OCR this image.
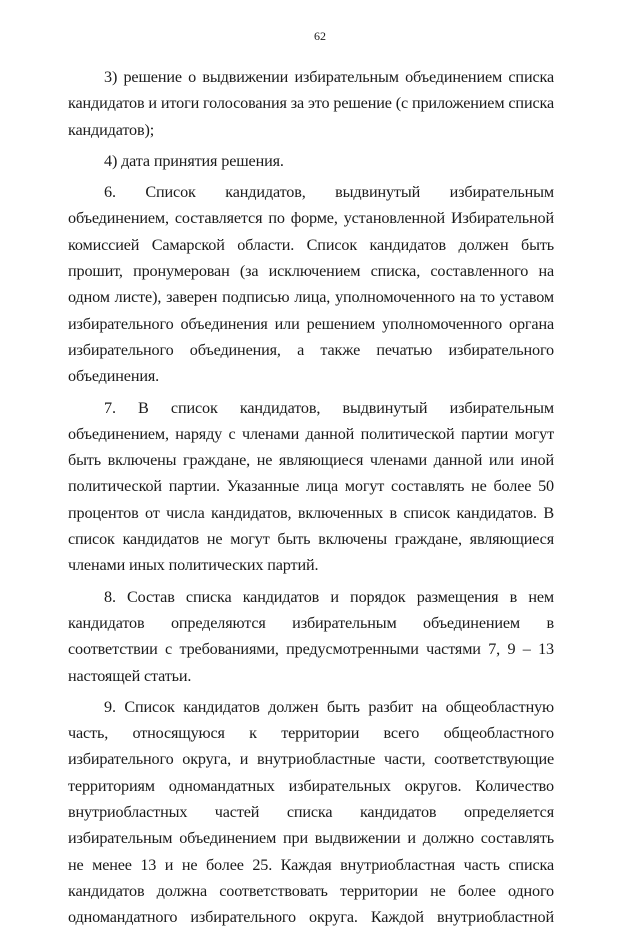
62

3) решение о выдвижении избирательным объединением списка кандидатов и итоги голосования за это решение (с приложением списка кандидатов);

4) дата принятия решения.

6. Список кандидатов, выдвинутый избирательным объединением, составляется по форме, установленной Избирательной комиссией Самарской области. Список кандидатов должен быть прошит, пронумерован (за исключением списка, составленного на одном листе), заверен подписью лица, уполномоченного на то уставом избирательного объединения или решением уполномоченного органа избирательного объединения, а также печатью избирательного объединения.

7. В список кандидатов, выдвинутый избирательным объединением, наряду с членами данной политической партии могут быть включены граждане, не являющиеся членами данной или иной политической партии. Указанные лица могут составлять не более 50 процентов от числа кандидатов, включенных в список кандидатов. В список кандидатов не могут быть включены граждане, являющиеся членами иных политических партий.

8. Состав списка кандидатов и порядок размещения в нем кандидатов определяются избирательным объединением в соответствии с требованиями, предусмотренными частями 7, 9 – 13 настоящей статьи.

9. Список кандидатов должен быть разбит на общеобластную часть, относящуюся к территории всего общеобластного избирательного округа, и внутриобластные части, соответствующие территориям одномандатных избирательных округов. Количество внутриобластных частей списка кандидатов определяется избирательным объединением при выдвижении и должно составлять не менее 13 и не более 25. Каждая внутриобластная часть списка кандидатов должна соответствовать территории не более одного одномандатного избирательного округа. Каждой внутриобластной
